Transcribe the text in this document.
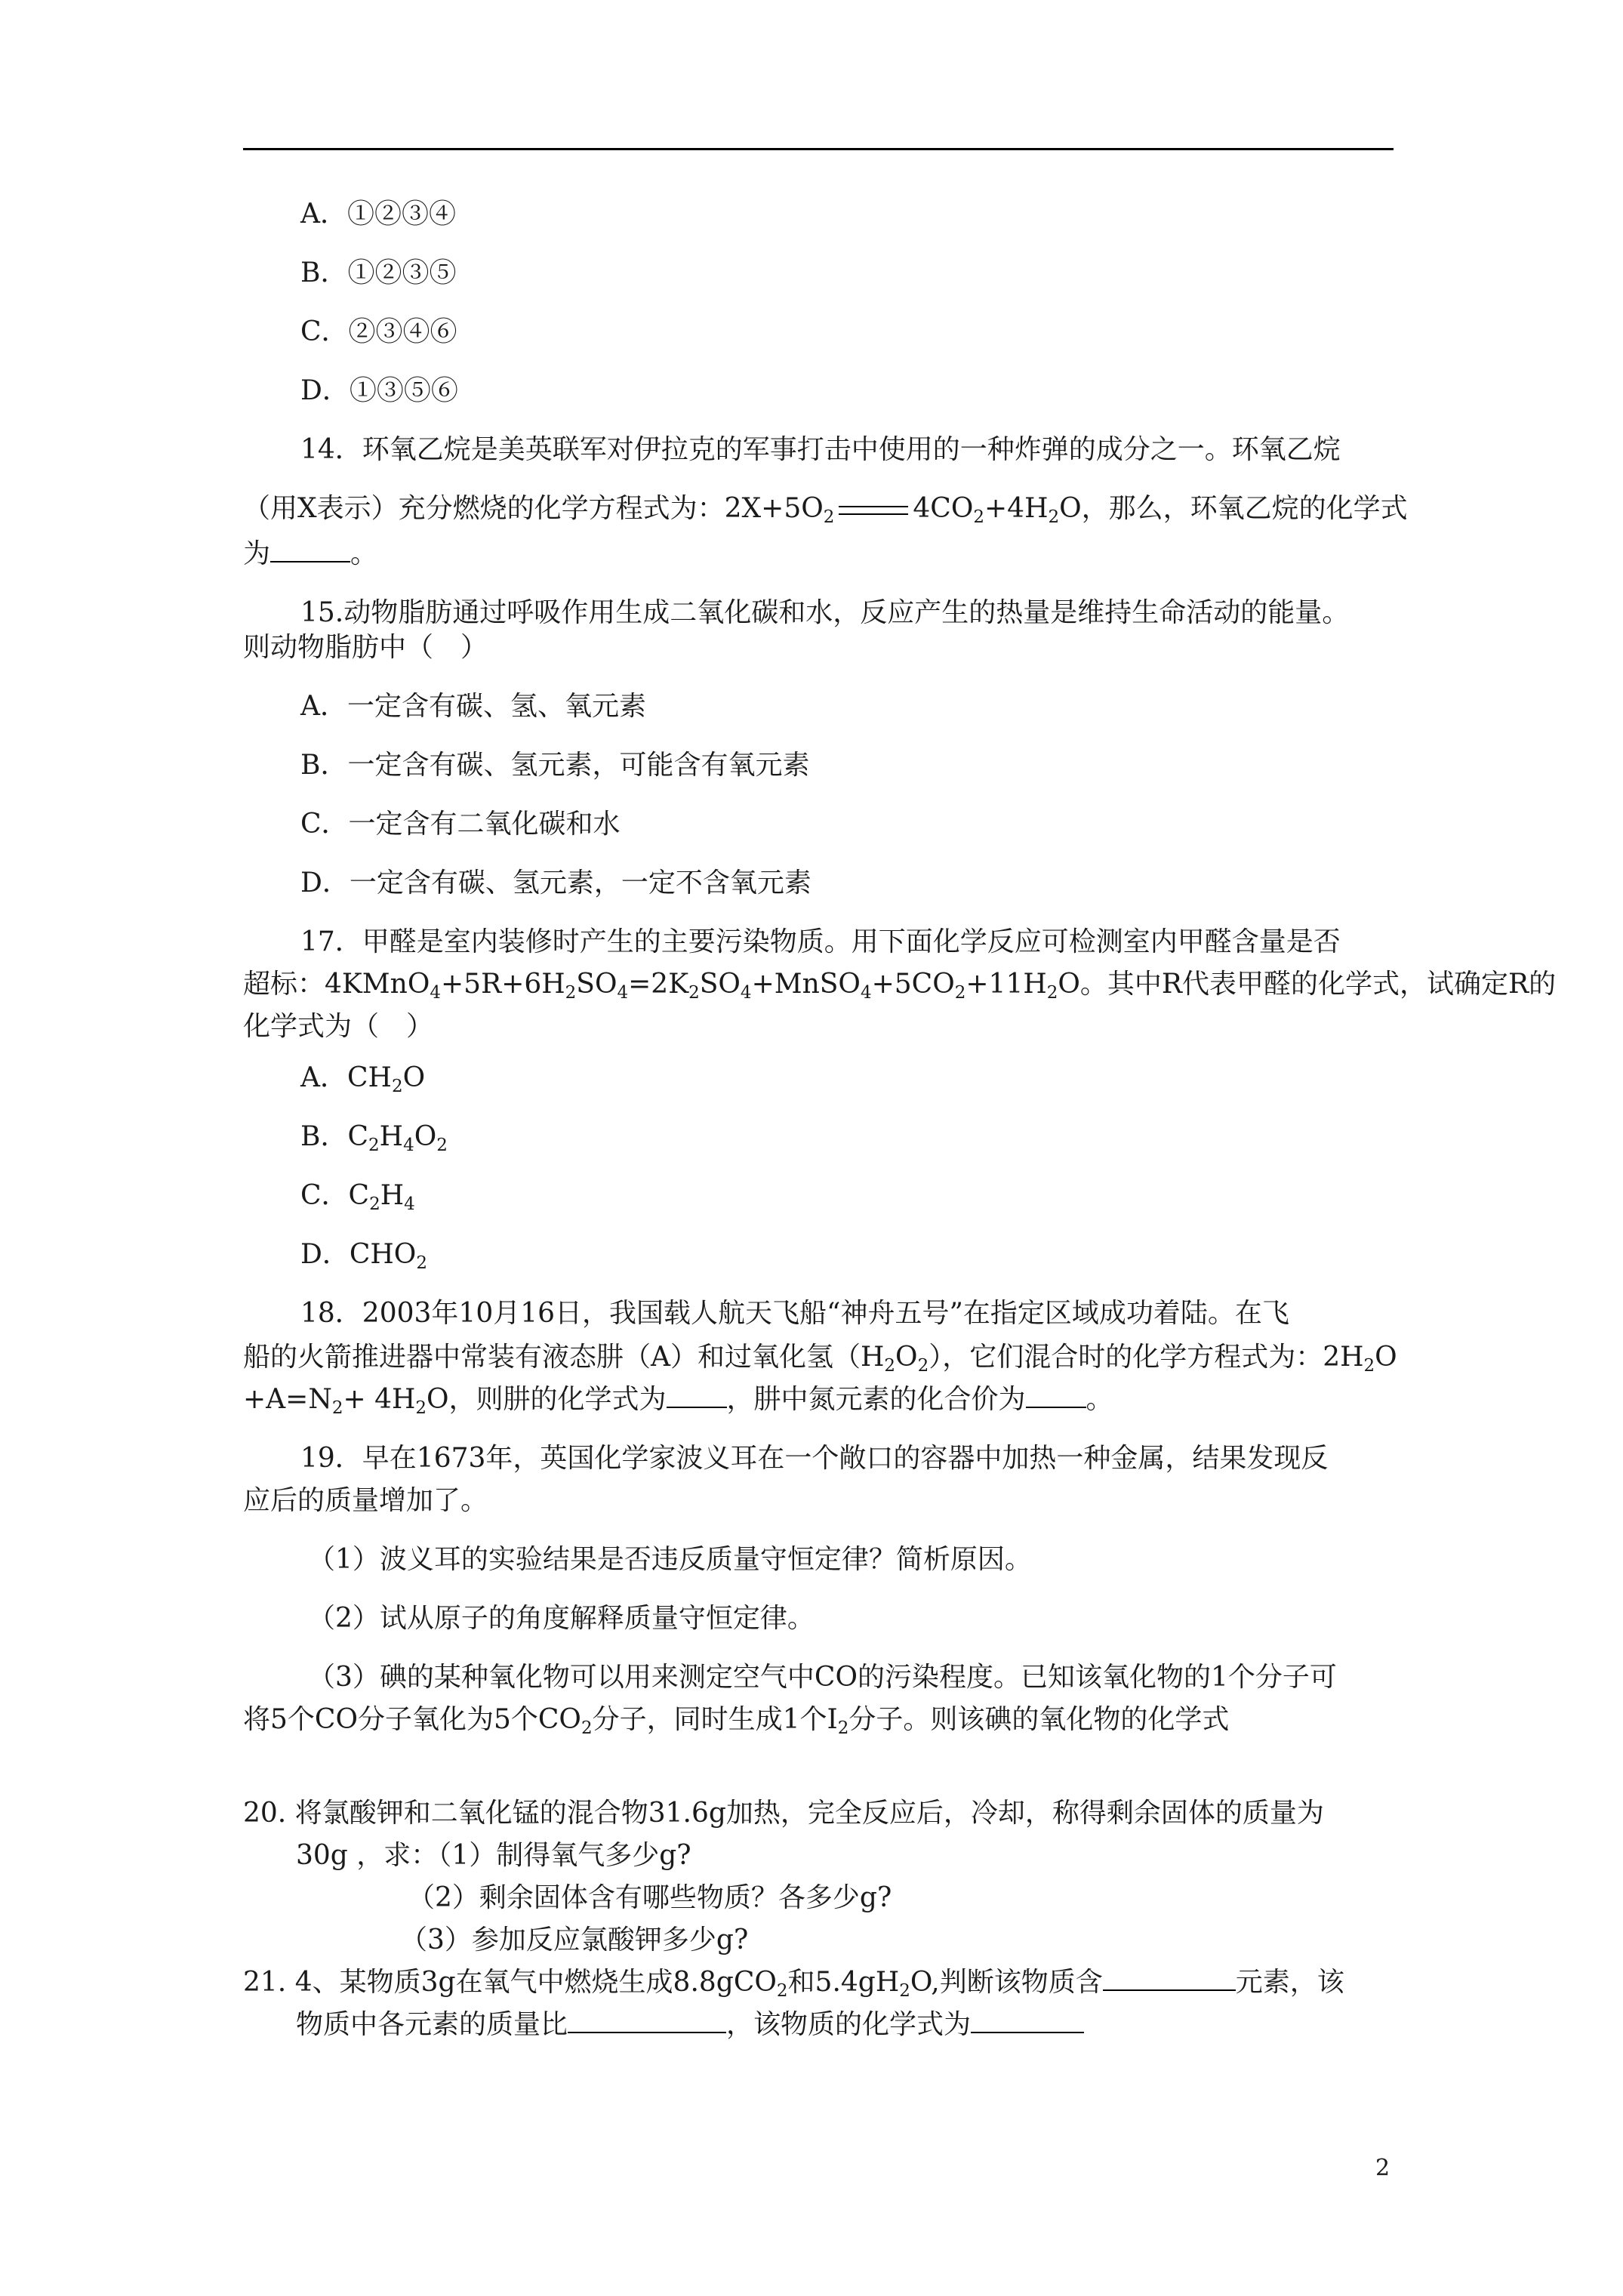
A．①②③④
B．①②③⑤
C．②③④⑥
D．①③⑤⑥
14．环氧乙烷是美英联军对伊拉克的军事打击中使用的一种炸弹的成分之一。环氧乙烷
（用X表示）充分燃烧的化学方程式为：$2X+5O_2$	$4CO_2+4H_2O$，那么，环氧乙烷的化学式
为	。
15.动物脂肪通过呼吸作用生成二氧化碳和水，反应产生的热量是维持生命活动的能量。
则动物脂肪中（　）
A．一定含有碳、氢、氧元素
B．一定含有碳、氢元素，可能含有氧元素
C．一定含有二氧化碳和水
D．一定含有碳、氢元素，一定不含氧元素
17．甲醛是室内装修时产生的主要污染物质。用下面化学反应可检测室内甲醛含量是否
超标：$4KMnO_4+5R+6H_2SO_4=2K_2SO_4+MnSO_4+5CO_2+11H_2O$。其中R代表甲醛的化学式，试确定R的
化学式为（　）
A．$CH_2O$
B．$C_2H_4O_2$
C．$C_2H_4$
D．$CHO_2$
18．2003年10月16日，我国载人航天飞船“神舟五号”在指定区域成功着陆。在飞
船的火箭推进器中常装有液态肼（A）和过氧化氢$(H_2O_2)$，它们混合时的化学方程式为：$2H_2O$
$+A=N_2+ 4H_2O$，则肼的化学式为 ，肼中氮元素的化合价为 。
19．早在1673年，英国化学家波义耳在一个敞口的容器中加热一种金属，结果发现反
应后的质量增加了。
（1）波义耳的实验结果是否违反质量守恒定律？简析原因。
（2）试从原子的角度解释质量守恒定律。
（3）碘的某种氧化物可以用来测定空气中CO的污染程度。已知该氧化物的1个分子可
将5个CO分子氧化为5个$CO_2$分子，同时生成1个$I_2$分子。则该碘的氧化物的化学式
20. 将氯酸钾和二氧化锰的混合物31.6g加热，完全反应后，冷却，称得剩余固体的质量为
30g ，求：（1）制得氧气多少g?
（2）剩余固体含有哪些物质？各多少g?
（3）参加反应氯酸钾多少g?
21. 4、某物质3g在氧气中燃烧生成8.8gCO$_2$和$5.4gH_2O$,判断该物质含	元素，该
物质中各元素的质量比	，该物质的化学式为
2
